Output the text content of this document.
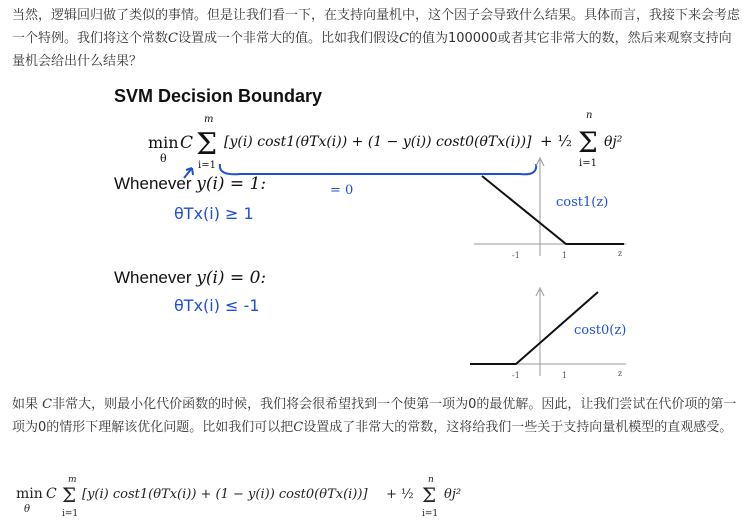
当然，逻辑回归做了类似的事情。但是让我们看一下，在支持向量机中，这个因子会导致什么结果。具体而言，我接下来会考虑一个特例。我们将这个常数C设置成一个非常大的值。比如我们假设C的值为100000或者其它非常大的数，然后来观察支持向量机会给出什么结果？
SVM Decision Boundary
min
θ
C
m
Σ
i=1
[y(i) cost1(θTx(i)) + (1 − y(i)) cost0(θTx(i))] + ½
n
Σ
i=1
θj²
= 0
Whenever y(i) = 1:
θTx(i) ≥ 1
Whenever y(i) = 0:
θTx(i) ≤ -1
-1	1	z
cost1(z)
-1	1	z
cost0(z)
如果 C非常大，则最小化代价函数的时候，我们将会很希望找到一个使第一项为0的最优解。因此，让我们尝试在代价项的第一项为0的情形下理解该优化问题。比如我们可以把C设置成了非常大的常数，这将给我们一些关于支持向量机模型的直观感受。
min
θ
C
m
Σ
i=1
[y(i) cost1(θTx(i)) + (1 − y(i)) cost0(θTx(i))] + ½
n
Σ
i=1
θj²
